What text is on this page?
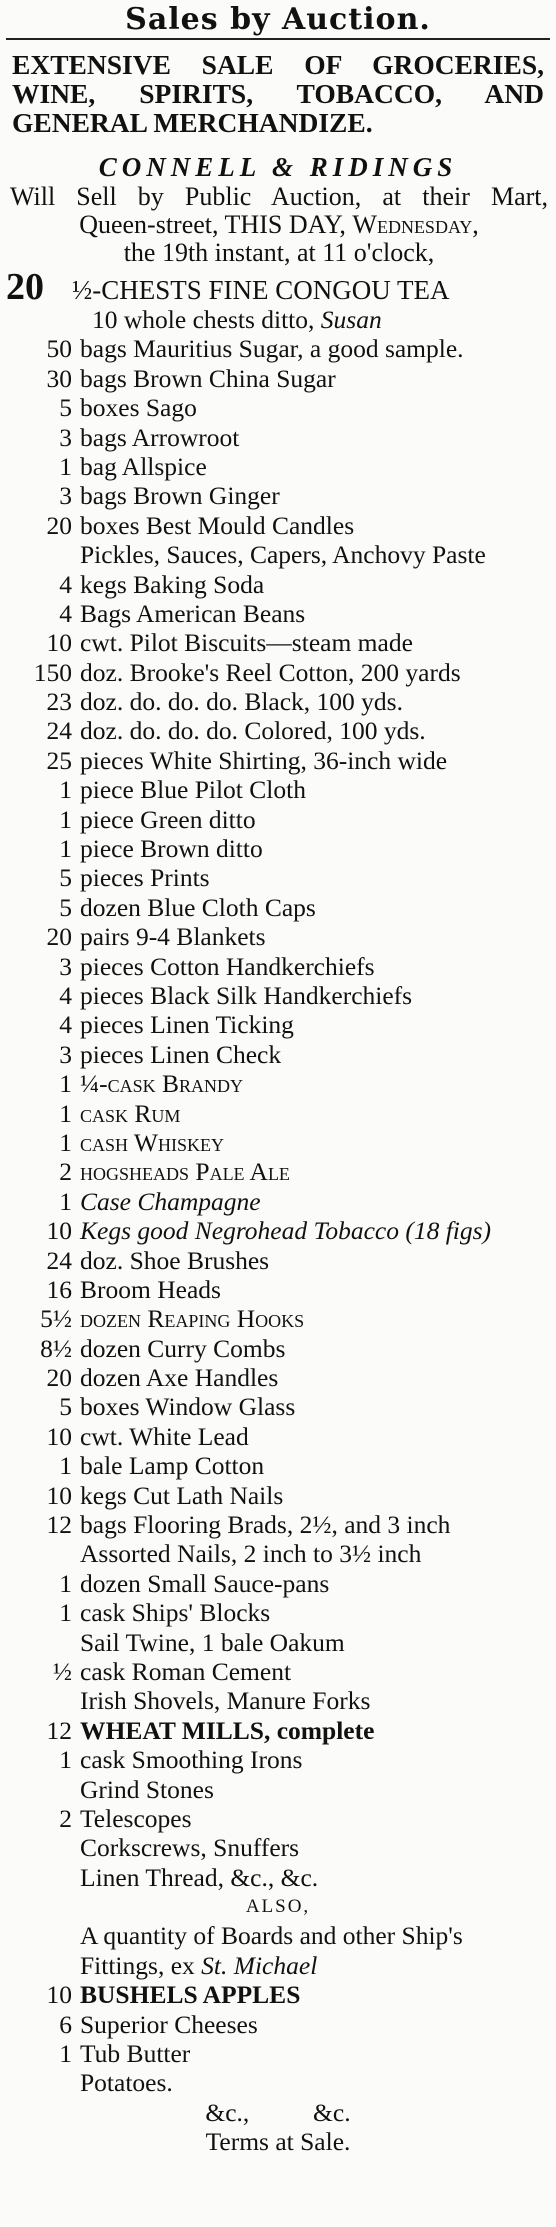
Sales by Auction.
EXTENSIVE SALE OF GROCERIES,
WINE, SPIRITS, TOBACCO, AND
GENERAL MERCHANDIZE.
CONNELL & RIDINGS
Will Sell by Public Auction, at their Mart,
Queen-street, THIS DAY, Wednesday,
the 19th instant, at 11 o'clock,
20	½-CHESTS FINE CONGOU TEA
10 whole chests ditto, Susan
50 bags Mauritius Sugar, a good sample.
30 bags Brown China Sugar
5 boxes Sago
3 bags Arrowroot
1 bag Allspice
3 bags Brown Ginger
20 boxes Best Mould Candles
Pickles, Sauces, Capers, Anchovy Paste
4 kegs Baking Soda
4 Bags American Beans
10 cwt. Pilot Biscuits—steam made
150 doz. Brooke's Reel Cotton, 200 yards
23 doz. do. do. do. Black, 100 yds.
24 doz. do. do. do. Colored, 100 yds.
25 pieces White Shirting, 36-inch wide
1 piece Blue Pilot Cloth
1 piece Green ditto
1 piece Brown ditto
5 pieces Prints
5 dozen Blue Cloth Caps
20 pairs 9-4 Blankets
3 pieces Cotton Handkerchiefs
4 pieces Black Silk Handkerchiefs
4 pieces Linen Ticking
3 pieces Linen Check
1 ¼-cask Brandy
1 cask Rum
1 cash Whiskey
2 hogsheads Pale Ale
1 Case Champagne
10 Kegs good Negrohead Tobacco (18 figs)
24 doz. Shoe Brushes
16 Broom Heads
5½ dozen Reaping Hooks
8½ dozen Curry Combs
20 dozen Axe Handles
5 boxes Window Glass
10 cwt. White Lead
1 bale Lamp Cotton
10 kegs Cut Lath Nails
12 bags Flooring Brads, 2½, and 3 inch
Assorted Nails, 2 inch to 3½ inch
1 dozen Small Sauce-pans
1 cask Ships' Blocks
Sail Twine, 1 bale Oakum
½ cask Roman Cement
Irish Shovels, Manure Forks
12 WHEAT MILLS, complete
1 cask Smoothing Irons
Grind Stones
2 Telescopes
Corkscrews, Snuffers
Linen Thread, &c., &c.
ALSO,
A quantity of Boards and other Ship's
Fittings, ex St. Michael
10 BUSHELS APPLES
6 Superior Cheeses
1 Tub Butter
Potatoes.
&c.,          &c.
Terms at Sale.
